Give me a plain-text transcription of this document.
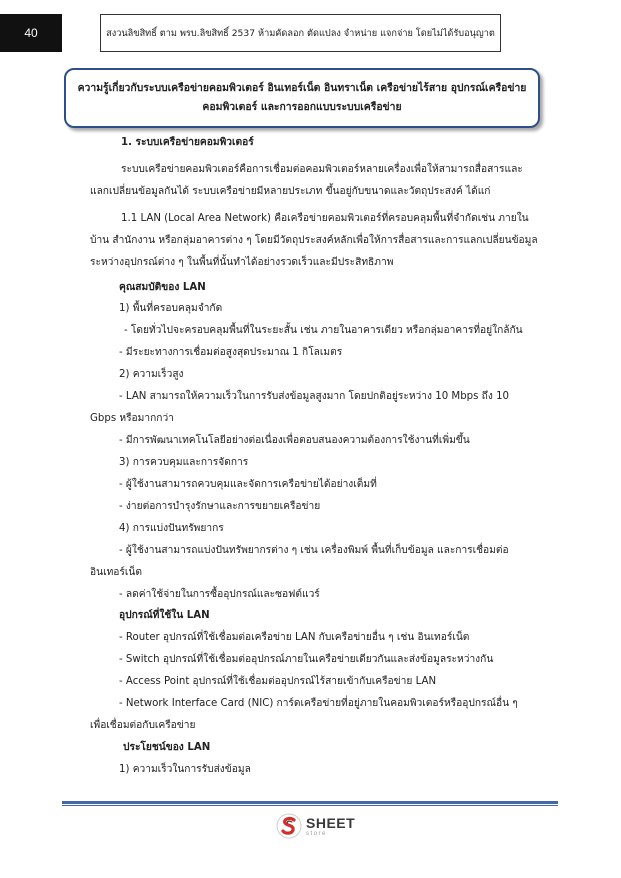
40	สงวนลิขสิทธิ์ ตาม พรบ.ลิขสิทธิ์ 2537 ห้ามคัดลอก ตัดแปลง จำหน่าย แจกจ่าย โดยไม่ได้รับอนุญาต
ความรู้เกี่ยวกับระบบเครือข่ายคอมพิวเตอร์ อินเทอร์เน็ต อินทราเน็ต เครือข่ายไร้สาย อุปกรณ์เครือข่าย
คอมพิวเตอร์ และการออกแบบระบบเครือข่าย
1. ระบบเครือข่ายคอมพิวเตอร์
ระบบเครือข่ายคอมพิวเตอร์คือการเชื่อมต่อคอมพิวเตอร์หลายเครื่องเพื่อให้สามารถสื่อสารและ
แลกเปลี่ยนข้อมูลกันได้ ระบบเครือข่ายมีหลายประเภท ขึ้นอยู่กับขนาดและวัตถุประสงค์ ได้แก่
1.1 LAN (Local Area Network) คือเครือข่ายคอมพิวเตอร์ที่ครอบคลุมพื้นที่จำกัดเช่น ภายใน
บ้าน สำนักงาน หรือกลุ่มอาคารต่าง ๆ โดยมีวัตถุประสงค์หลักเพื่อให้การสื่อสารและการแลกเปลี่ยนข้อมูล
ระหว่างอุปกรณ์ต่าง ๆ ในพื้นที่นั้นทำได้อย่างรวดเร็วและมีประสิทธิภาพ
คุณสมบัติของ LAN
1) พื้นที่ครอบคลุมจำกัด
- โดยทั่วไปจะครอบคลุมพื้นที่ในระยะสั้น เช่น ภายในอาคารเดียว หรือกลุ่มอาคารที่อยู่ใกล้กัน
- มีระยะทางการเชื่อมต่อสูงสุดประมาณ 1 กิโลเมตร
2) ความเร็วสูง
- LAN สามารถให้ความเร็วในการรับส่งข้อมูลสูงมาก โดยปกติอยู่ระหว่าง 10 Mbps ถึง 10
Gbps หรือมากกว่า
- มีการพัฒนาเทคโนโลยีอย่างต่อเนื่องเพื่อตอบสนองความต้องการใช้งานที่เพิ่มขึ้น
3) การควบคุมและการจัดการ
- ผู้ใช้งานสามารถควบคุมและจัดการเครือข่ายได้อย่างเต็มที่
- ง่ายต่อการบำรุงรักษาและการขยายเครือข่าย
4) การแบ่งปันทรัพยากร
- ผู้ใช้งานสามารถแบ่งปันทรัพยากรต่าง ๆ เช่น เครื่องพิมพ์ พื้นที่เก็บข้อมูล และการเชื่อมต่อ
อินเทอร์เน็ต
- ลดค่าใช้จ่ายในการซื้ออุปกรณ์และซอฟต์แวร์
อุปกรณ์ที่ใช้ใน LAN
- Router อุปกรณ์ที่ใช้เชื่อมต่อเครือข่าย LAN กับเครือข่ายอื่น ๆ เช่น อินเทอร์เน็ต
- Switch อุปกรณ์ที่ใช้เชื่อมต่ออุปกรณ์ภายในเครือข่ายเดียวกันและส่งข้อมูลระหว่างกัน
- Access Point อุปกรณ์ที่ใช้เชื่อมต่ออุปกรณ์ไร้สายเข้ากับเครือข่าย LAN
- Network Interface Card (NIC) การ์ดเครือข่ายที่อยู่ภายในคอมพิวเตอร์หรืออุปกรณ์อื่น ๆ
เพื่อเชื่อมต่อกับเครือข่าย
ประโยชน์ของ LAN
1) ความเร็วในการรับส่งข้อมูล
SHEET
store
